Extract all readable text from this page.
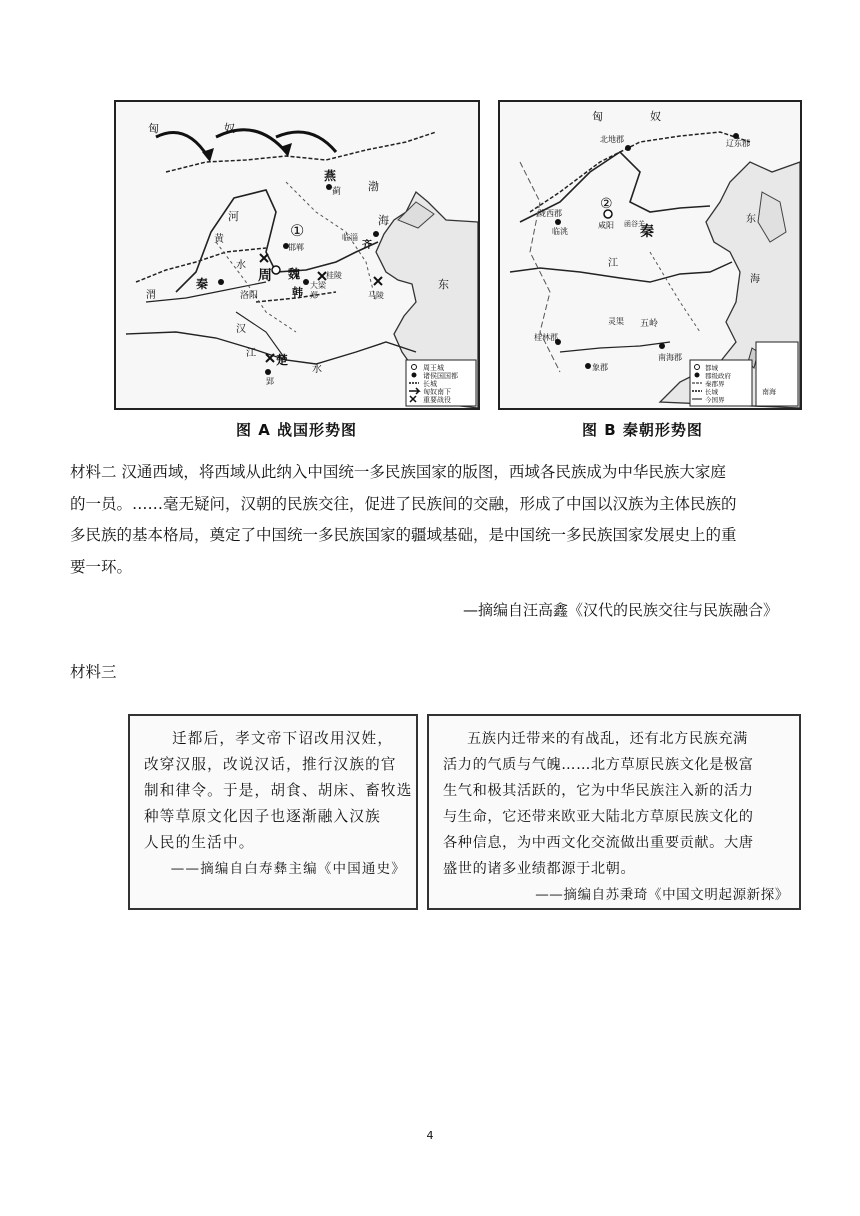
匈	奴
燕
蓟 渤
海
河
黄	①
邯郸
临淄
齐
周
洛阳
魏
大梁
桂陵
韩 郑
秦
马陵
水
渭
汉
江 楚
郢
东
水	周王城
诸侯国国都
长城
匈奴南下
重要战役
图 A 战国形势图
匈	奴
北地郡	辽东郡
陇西郡
临洮
②
咸阳 函谷关
秦
江
南海郡
桂林郡
象郡
灵渠 五岭
东
海
南海
都城
郡级政府
秦郡界
长城
今国界
图 B 秦朝形势图
材料二 汉通西域，将西域从此纳入中国统一多民族国家的版图，西域各民族成为中华民族大家庭
的一员。……毫无疑问，汉朝的民族交往，促进了民族间的交融，形成了中国以汉族为主体民族的
多民族的基本格局，奠定了中国统一多民族国家的疆域基础，是中国统一多民族国家发展史上的重
要一环。
—摘编自汪高鑫《汉代的民族交往与民族融合》
材料三
迁都后，孝文帝下诏改用汉姓，
改穿汉服，改说汉话，推行汉族的官
制和律令。于是，胡食、胡床、畜牧选
种等草原文化因子也逐渐融入汉族
人民的生活中。
——摘编自白寿彝主编《中国通史》
五族内迁带来的有战乱，还有北方民族充满
活力的气质与气魄……北方草原民族文化是极富
生气和极其活跃的，它为中华民族注入新的活力
与生命，它还带来欧亚大陆北方草原民族文化的
各种信息，为中西文化交流做出重要贡献。大唐
盛世的诸多业绩都源于北朝。
——摘编自苏秉琦《中国文明起源新探》
4
